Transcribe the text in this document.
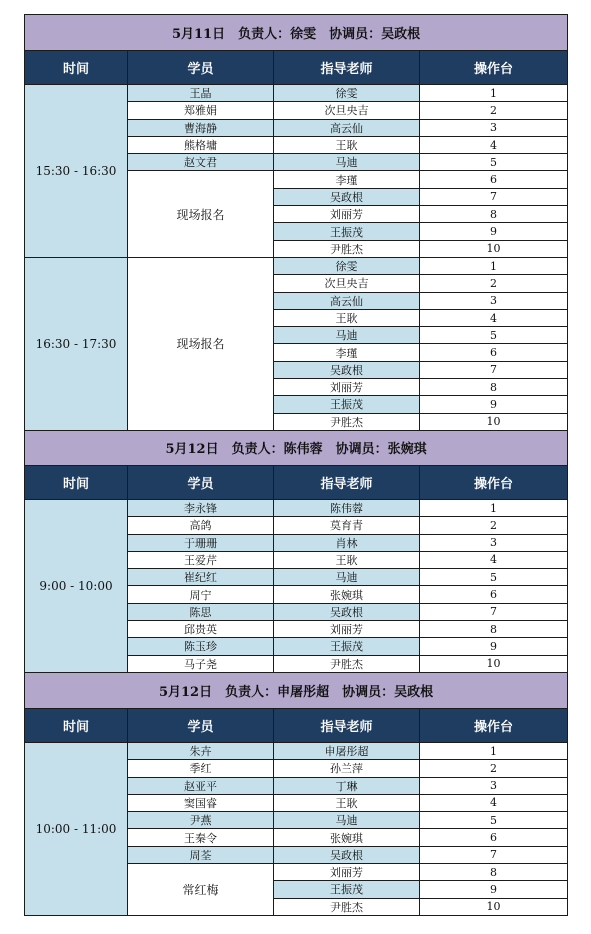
5月11日　负责人：徐雯　协调员：吴政根			
时间	学员	指导老师	操作台
15:30 - 16:30	王晶	徐雯	1
	郑雅娟	次旦央吉	2
	曹海静	高云仙	3
	熊格墉	王耿	4
	赵文君	马迪	5
	现场报名	李瑾	6
		吴政根	7
		刘丽芳	8
		王振茂	9
		尹胜杰	10
16:30 - 17:30	现场报名	徐雯	1
		次旦央吉	2
		高云仙	3
		王耿	4
		马迪	5
		李瑾	6
		吴政根	7
		刘丽芳	8
		王振茂	9
		尹胜杰	10
5月12日　负责人：陈伟蓉　协调员：张婉琪			
时间	学员	指导老师	操作台
9:00 - 10:00	李永锋	陈伟蓉	1
	高鸽	莫育青	2
	于珊珊	肖林	3
	王爱芹	王耿	4
	崔纪红	马迪	5
	周宁	张婉琪	6
	陈思	吴政根	7
	邱贵英	刘丽芳	8
	陈玉珍	王振茂	9
	马子尧	尹胜杰	10
5月12日　负责人：申屠彤超　协调员：吴政根			
时间	学员	指导老师	操作台
10:00 - 11:00	朱卉	申屠彤超	1
	季红	孙兰萍	2
	赵亚平	丁琳	3
	窦国睿	王耿	4
	尹燕	马迪	5
	王秦令	张婉琪	6
	周荃	吴政根	7
	常红梅	刘丽芳	8
		王振茂	9
		尹胜杰	10
